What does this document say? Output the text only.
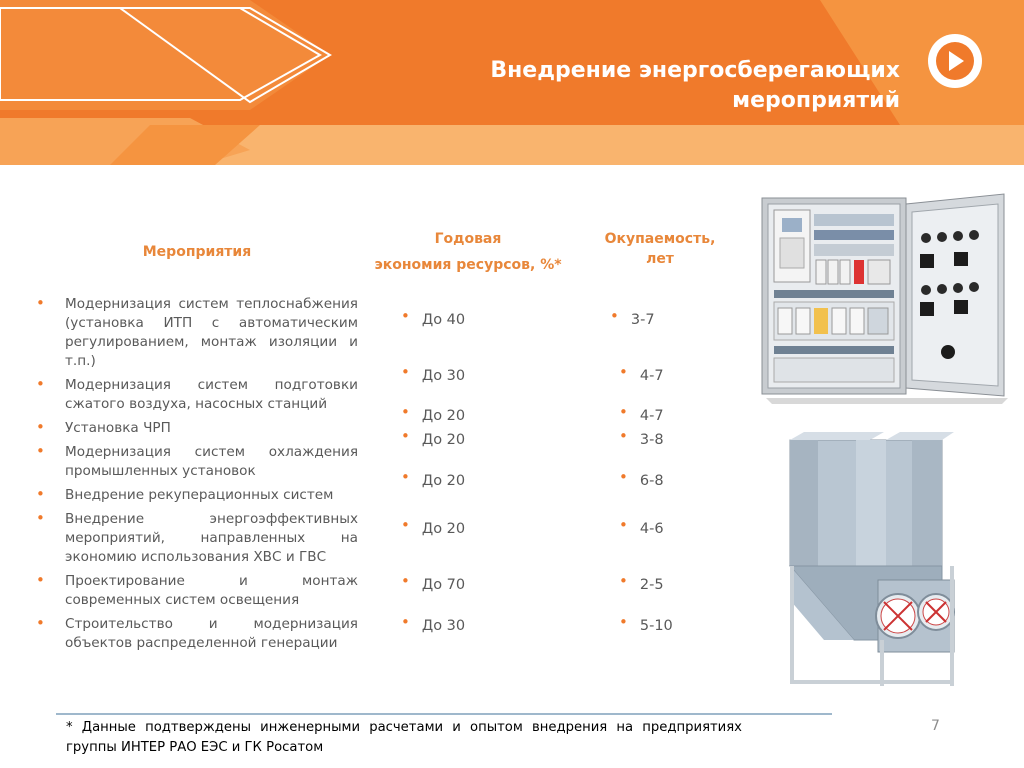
Внедрение энергосберегающих
мероприятий
Мероприятия
Годовая
экономия ресурсов, %*
Окупаемость,
лет
• Модернизация систем теплоснабжения (установка ИТП с автоматическим регулированием, монтаж изоляции и т.п.)
• Модернизация систем подготовки сжатого воздуха, насосных станций
• Установка ЧРП
• Модернизация систем охлаждения промышленных установок
• Внедрение рекуперационных систем
• Внедрение энергоэффективных мероприятий, направленных на экономию использования ХВС и ГВС
• Проектирование и монтаж современных систем освещения
• Строительство и модернизация объектов распределенной генерации
• До 40
• До 30
• До 20
• До 20
• До 20
• До 20
• До 70
• До 30
• 3-7
• 4-7
• 4-7
• 3-8
• 6-8
• 4-6
• 2-5
• 5-10
* Данные подтверждены инженерными расчетами и опытом внедрения на предприятиях группы ИНТЕР РАО ЕЭС и ГК Росатом
7
